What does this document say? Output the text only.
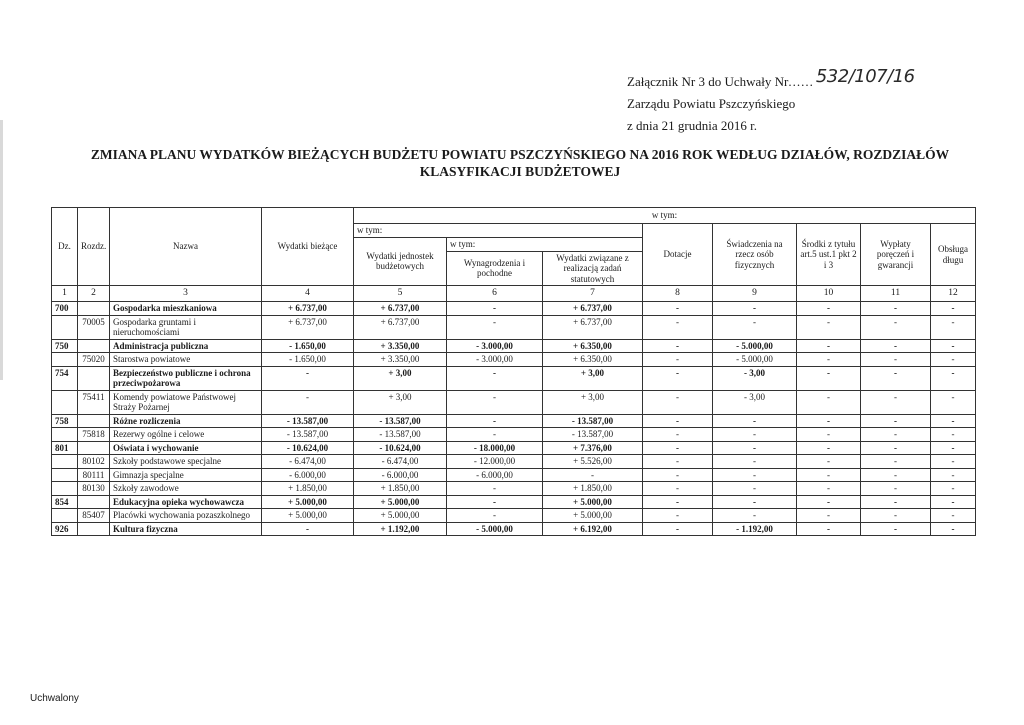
Załącznik Nr 3 do Uchwały Nr...... 532/107/16
Zarządu Powiatu Pszczyńskiego
z dnia 21 grudnia 2016 r.
ZMIANA PLANU WYDATKÓW BIEŻĄCYCH BUDŻETU POWIATU PSZCZYŃSKIEGO NA 2016 ROK WEDŁUG DZIAŁÓW, ROZDZIAŁÓW
KLASYFIKACJI BUDŻETOWEJ
Dz.	Rozdz.	Nazwa	Wydatki bieżące	w tym:							
				w tym:			Dotacje	Świadczenia na rzecz osób fizycznych	Środki z tytułu art.5 ust.1 pkt 2 i 3	Wypłaty poręczeń i gwarancji	Obsługa długu
				Wydatki jednostek budżetowych	w tym:						
					Wynagrodzenia i pochodne	Wydatki związane z realizacją zadań statutowych					
1	2	3	4	5	6	7	8	9	10	11	12
700		Gospodarka mieszkaniowa	+ 6.737,00	+ 6.737,00	-	+ 6.737,00	-	-	-	-	-
	70005	Gospodarka gruntami i nieruchomościami	+ 6.737,00	+ 6.737,00	-	+ 6.737,00	-	-	-	-	-
750		Administracja publiczna	- 1.650,00	+ 3.350,00	- 3.000,00	+ 6.350,00	-	- 5.000,00	-	-	-
	75020	Starostwa powiatowe	- 1.650,00	+ 3.350,00	- 3.000,00	+ 6.350,00	-	- 5.000,00	-	-	-
754		Bezpieczeństwo publiczne i ochrona przeciwpożarowa	-	+ 3,00	-	+ 3,00	-	- 3,00	-	-	-
	75411	Komendy powiatowe Państwowej Straży Pożarnej	-	+ 3,00	-	+ 3,00	-	- 3,00	-	-	-
758		Różne rozliczenia	- 13.587,00	- 13.587,00	-	- 13.587,00	-	-	-	-	-
	75818	Rezerwy ogólne i celowe	- 13.587,00	- 13.587,00	-	- 13.587,00	-	-	-	-	-
801		Oświata i wychowanie	- 10.624,00	- 10.624,00	- 18.000,00	+ 7.376,00	-	-	-	-	-
	80102	Szkoły podstawowe specjalne	- 6.474,00	- 6.474,00	- 12.000,00	+ 5.526,00	-	-	-	-	-
	80111	Gimnazja specjalne	- 6.000,00	- 6.000,00	- 6.000,00	-	-	-	-	-	-
	80130	Szkoły zawodowe	+ 1.850,00	+ 1.850,00	-	+ 1.850,00	-	-	-	-	-
854		Edukacyjna opieka wychowawcza	+ 5.000,00	+ 5.000,00	-	+ 5.000,00	-	-	-	-	-
	85407	Placówki wychowania pozaszkolnego	+ 5.000,00	+ 5.000,00	-	+ 5.000,00	-	-	-	-	-
926		Kultura fizyczna	-	+ 1.192,00	- 5.000,00	+ 6.192,00	-	- 1.192,00	-	-	-
Uchwalony
